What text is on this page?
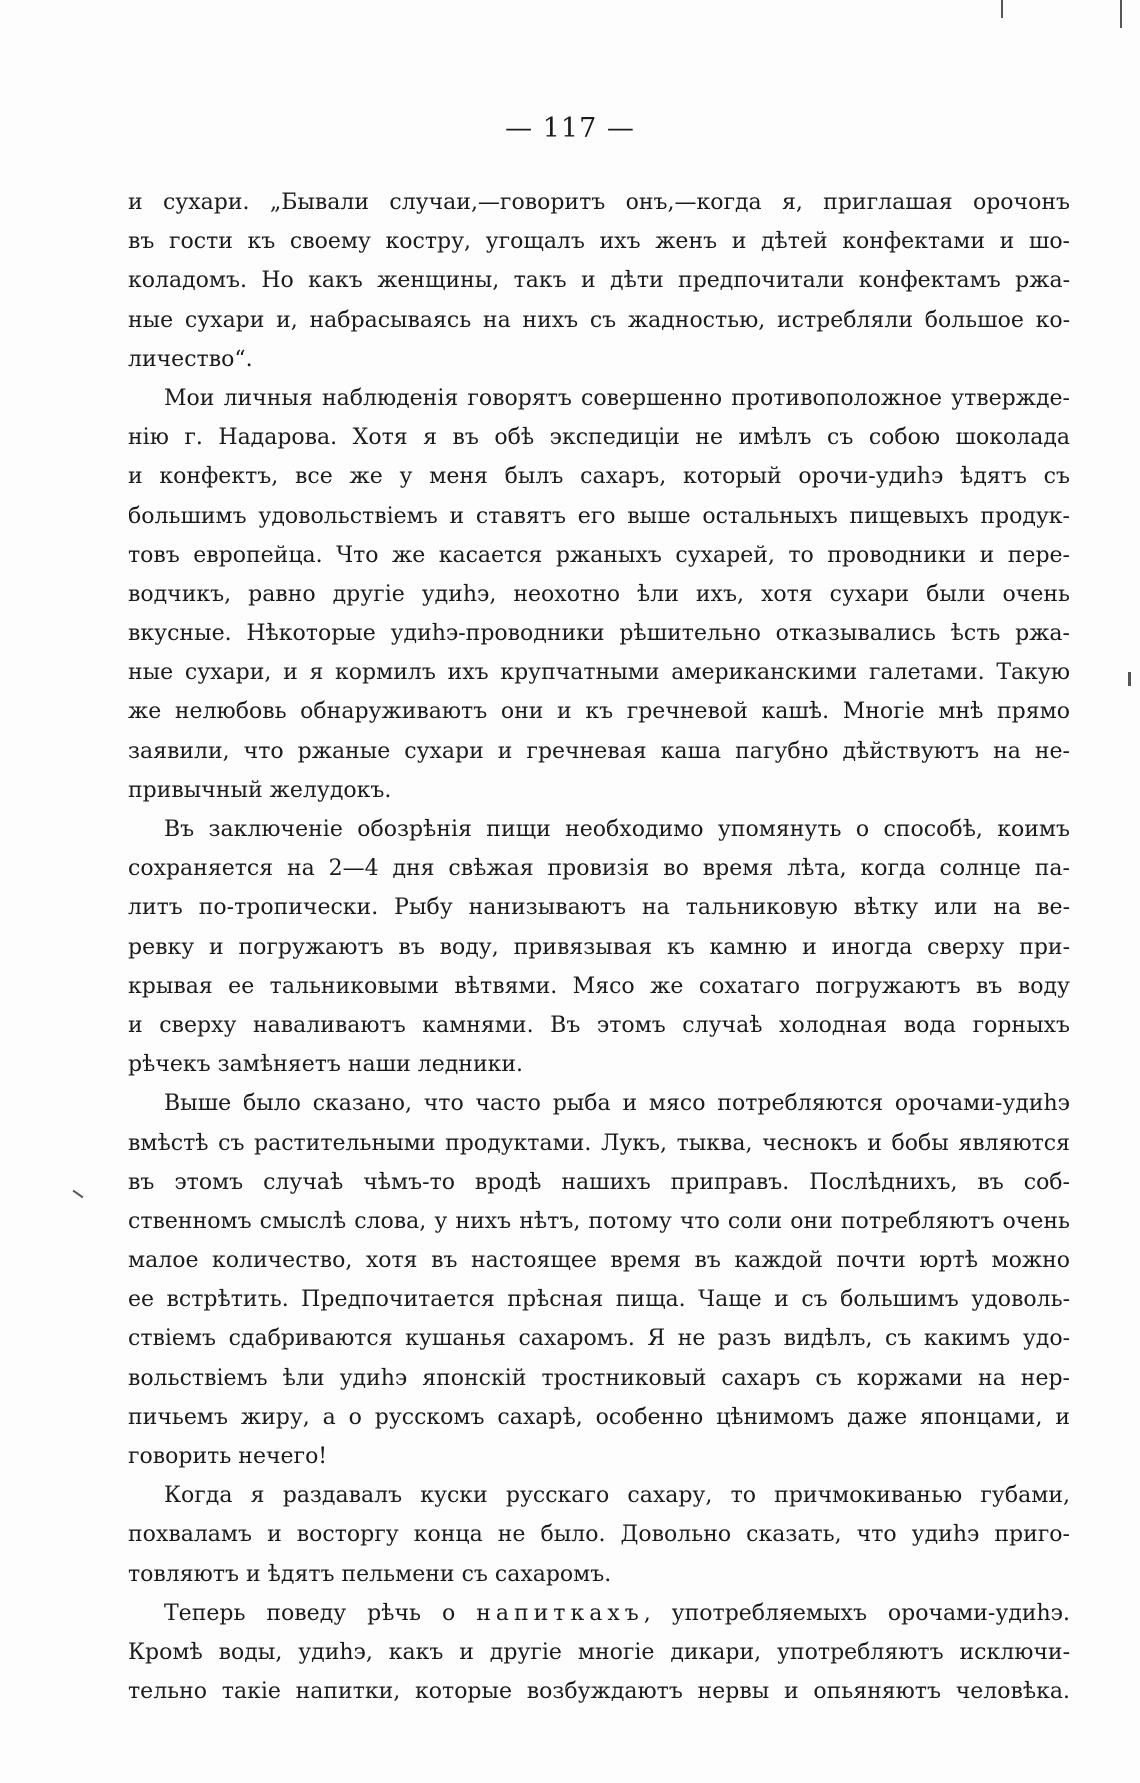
— 117 —
и сухари. „Бывали случаи,—говоритъ онъ,—когда я, приглашая орочонъ
въ гости къ своему костру, угощалъ ихъ женъ и дѣтей конфектами и шо-
коладомъ. Но какъ женщины, такъ и дѣти предпочитали конфектамъ ржа-
ные сухари и, набрасываясь на нихъ съ жадностью, истребляли большое ко-
личество“.
Мои личныя наблюденія говорятъ совершенно противоположное утвержде-
нію г. Надарова. Хотя я въ обѣ экспедиціи не имѣлъ съ собою шоколада
и конфектъ, все же у меня былъ сахаръ, который орочи-удиһэ ѣдятъ съ
большимъ удовольствіемъ и ставятъ его выше остальныхъ пищевыхъ продук-
товъ европейца. Что же касается ржаныхъ сухарей, то проводники и пере-
водчикъ, равно другіе удиһэ, неохотно ѣли ихъ, хотя сухари были очень
вкусные. Нѣкоторые удиһэ-проводники рѣшительно отказывались ѣсть ржа-
ные сухари, и я кормилъ ихъ крупчатными американскими галетами. Такую
же нелюбовь обнаруживаютъ они и къ гречневой кашѣ. Многіе мнѣ прямо
заявили, что ржаные сухари и гречневая каша пагубно дѣйствуютъ на не-
привычный желудокъ.
Въ заключеніе обозрѣнія пищи необходимо упомянуть о способѣ, коимъ
сохраняется на 2—4 дня свѣжая провизія во время лѣта, когда солнце па-
литъ по-тропически. Рыбу нанизываютъ на тальниковую вѣтку или на ве-
ревку и погружаютъ въ воду, привязывая къ камню и иногда сверху при-
крывая ее тальниковыми вѣтвями. Мясо же сохатаго погружаютъ въ воду
и сверху наваливаютъ камнями. Въ этомъ случаѣ холодная вода горныхъ
рѣчекъ замѣняетъ наши ледники.
Выше было сказано, что часто рыба и мясо потребляются орочами-удиһэ
вмѣстѣ съ растительными продуктами. Лукъ, тыква, чеснокъ и бобы являются
въ этомъ случаѣ чѣмъ-то вродѣ нашихъ приправъ. Послѣднихъ, въ соб-
ственномъ смыслѣ слова, у нихъ нѣтъ, потому что соли они потребляютъ очень
малое количество, хотя въ настоящее время въ каждой почти юртѣ можно
ее встрѣтить. Предпочитается прѣсная пища. Чаще и съ большимъ удоволь-
ствіемъ сдабриваются кушанья сахаромъ. Я не разъ видѣлъ, съ какимъ удо-
вольствіемъ ѣли удиһэ японскій тростниковый сахаръ съ коржами на нер-
пичьемъ жиру, а о русскомъ сахарѣ, особенно цѣнимомъ даже японцами, и
говорить нечего!
Когда я раздавалъ куски русскаго сахару, то причмокиванью губами,
похваламъ и восторгу конца не было. Довольно сказать, что удиһэ приго-
товляютъ и ѣдятъ пельмени съ сахаромъ.
Теперь поведу рѣчь о напиткахъ, употребляемыхъ орочами-удиһэ.
Кромѣ воды, удиһэ, какъ и другіе многіе дикари, употребляютъ исключи-
тельно такіе напитки, которые возбуждаютъ нервы и опьяняютъ человѣка.
